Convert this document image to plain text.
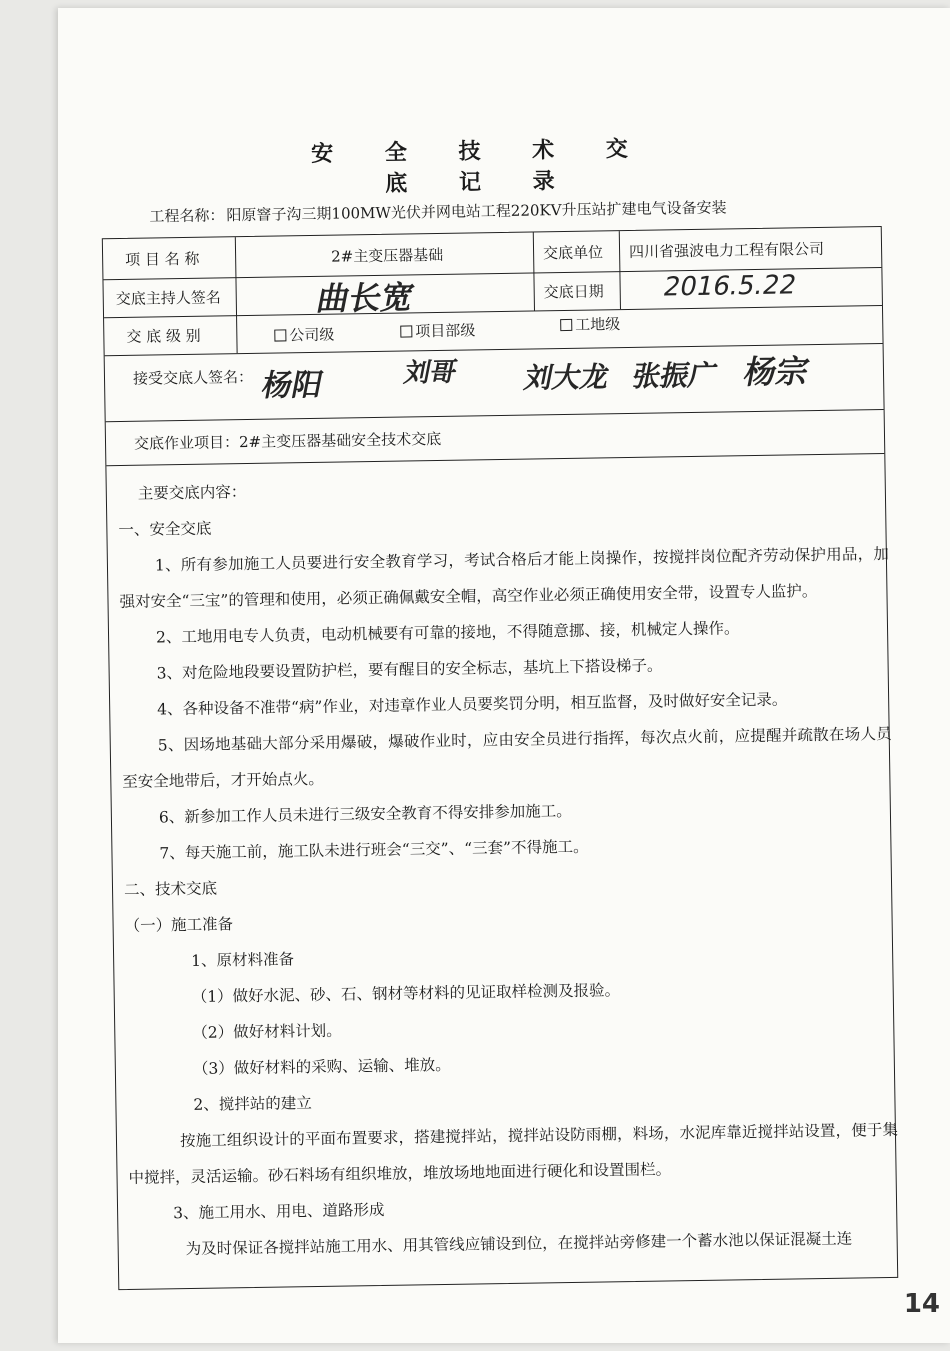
安 全 技 术 交 底 记 录
工程名称： 阳原窨子沟三期100MW光伏并网电站工程220KV升压站扩建电气设备安装
项 目 名 称	2#主变压器基础	交底单位 四川省强波电力工程有限公司
交底主持人签名	曲长宽	交底日期 2016.5.22
交 底 级 别	公司级	项目部级	工地级
接受交底人签名： 杨阳	刘哥 刘大龙 张振广 杨宗
交底作业项目：2#主变压器基础安全技术交底

主要交底内容：

一、安全交底

1、所有参加施工人员要进行安全教育学习，考试合格后才能上岗操作，按搅拌岗位配齐劳动保护用品，加强对安全“三宝”的管理和使用，必须正确佩戴安全帽，高空作业必须正确使用安全带，设置专人监护。

2、工地用电专人负责，电动机械要有可靠的接地，不得随意挪、接，机械定人操作。

3、对危险地段要设置防护栏，要有醒目的安全标志，基坑上下搭设梯子。

4、各种设备不准带“病”作业，对违章作业人员要奖罚分明，相互监督，及时做好安全记录。

5、因场地基础大部分采用爆破，爆破作业时，应由安全员进行指挥，每次点火前，应提醒并疏散在场人员至安全地带后，才开始点火。

6、新参加工作人员未进行三级安全教育不得安排参加施工。

7、每天施工前，施工队未进行班会“三交”、“三套”不得施工。

二、技术交底

（一）施工准备

1、原材料准备

（1）做好水泥、砂、石、钢材等材料的见证取样检测及报验。

（2）做好材料计划。

（3）做好材料的采购、运输、堆放。

2、搅拌站的建立

按施工组织设计的平面布置要求，搭建搅拌站，搅拌站设防雨棚，料场，水泥库靠近搅拌站设置，便于集中搅拌，灵活运输。砂石料场有组织堆放，堆放场地地面进行硬化和设置围栏。

3、施工用水、用电、道路形成

为及时保证各搅拌站施工用水、用其管线应铺设到位，在搅拌站旁修建一个蓄水池以保证混凝土连

14
